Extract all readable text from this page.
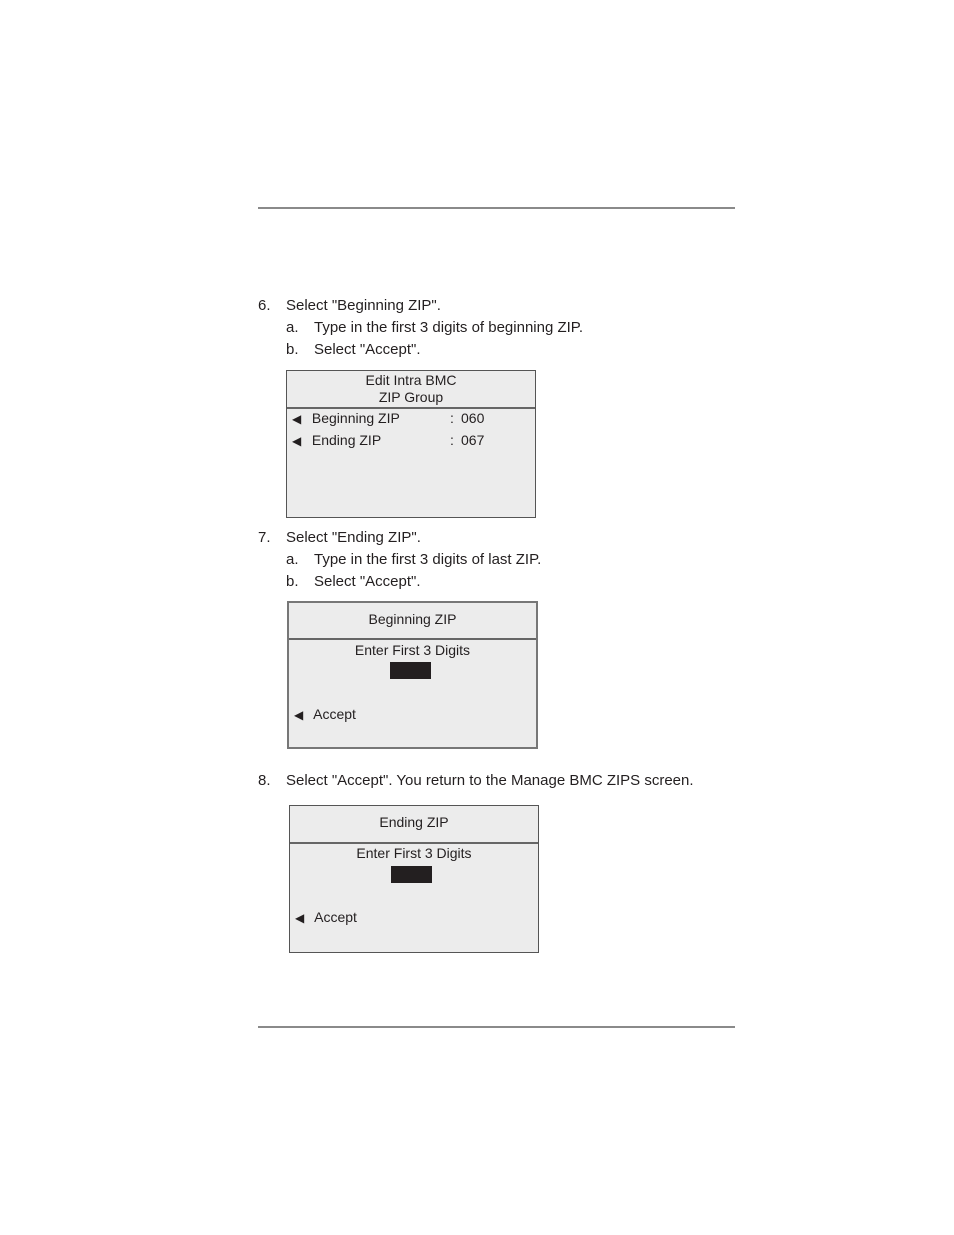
6. Select "Beginning ZIP".
a. Type in the first 3 digits of beginning ZIP.
b. Select "Accept".
Edit Intra BMC
ZIP Group
◀ Beginning ZIP	: 060
◀ Ending ZIP	: 067
7. Select "Ending ZIP".
a. Type in the first 3 digits of last ZIP.
b. Select "Accept".
Beginning ZIP
Enter First 3 Digits
◀ Accept
8. Select "Accept". You return to the Manage BMC ZIPS screen.
Ending ZIP
Enter First 3 Digits
◀ Accept
